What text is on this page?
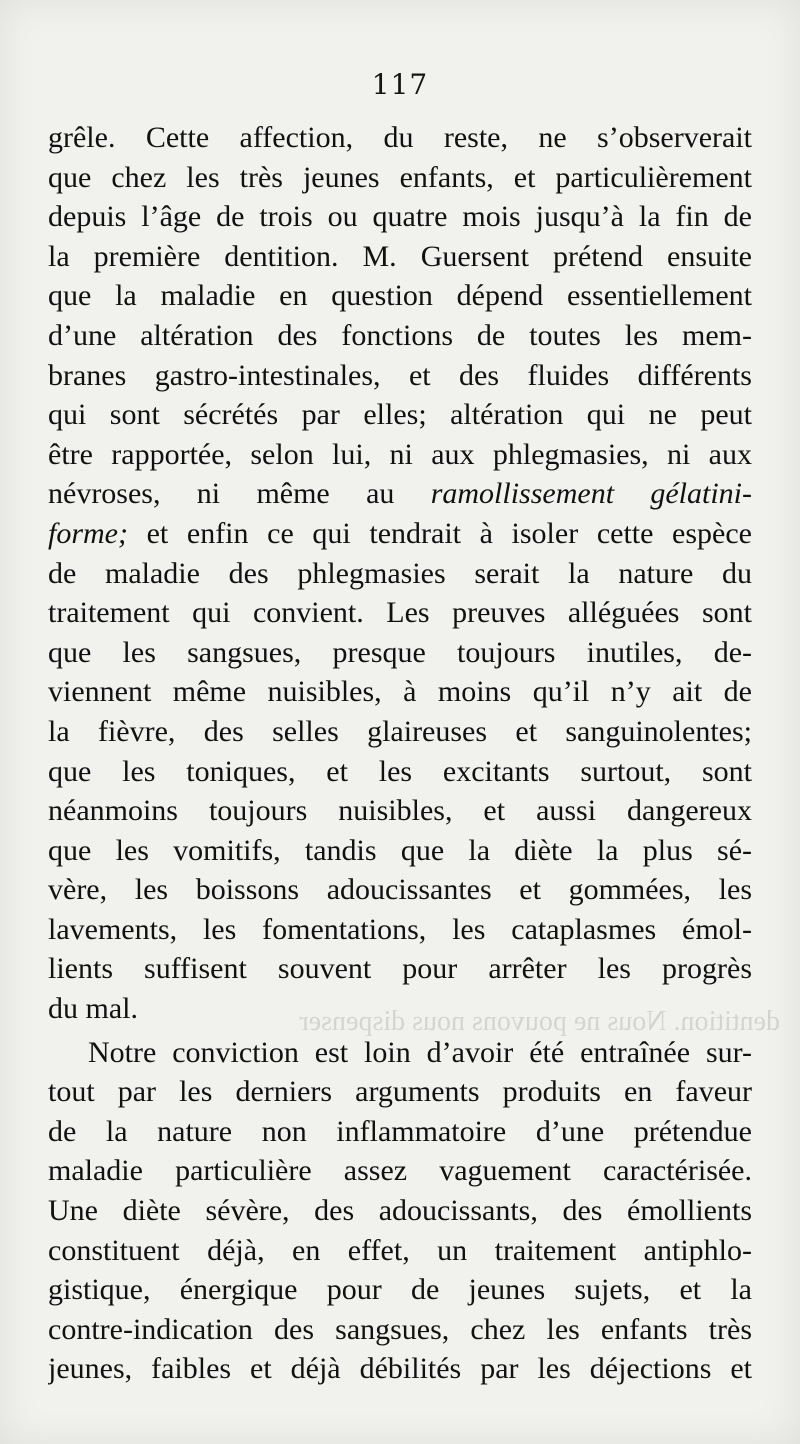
117
dentition. Nous ne pouvons nous dispenser
grêle. Cette affection, du reste, ne s’observerait
que chez les très jeunes enfants, et particulièrement
depuis l’âge de trois ou quatre mois jusqu’à la fin de
la première dentition. M. Guersent prétend ensuite
que la maladie en question dépend essentiellement
d’une altération des fonctions de toutes les mem-
branes gastro-intestinales, et des fluides différents
qui sont sécrétés par elles; altération qui ne peut
être rapportée, selon lui, ni aux phlegmasies, ni aux
névroses, ni même au ramollissement gélatini-
forme; et enfin ce qui tendrait à isoler cette espèce
de maladie des phlegmasies serait la nature du
traitement qui convient. Les preuves alléguées sont
que les sangsues, presque toujours inutiles, de-
viennent même nuisibles, à moins qu’il n’y ait de
la fièvre, des selles glaireuses et sanguinolentes;
que les toniques, et les excitants surtout, sont
néanmoins toujours nuisibles, et aussi dangereux
que les vomitifs, tandis que la diète la plus sé-
vère, les boissons adoucissantes et gommées, les
lavements, les fomentations, les cataplasmes émol-
lients suffisent souvent pour arrêter les progrès
du mal.
Notre conviction est loin d’avoir été entraînée sur-
tout par les derniers arguments produits en faveur
de la nature non inflammatoire d’une prétendue
maladie particulière assez vaguement caractérisée.
Une diète sévère, des adoucissants, des émollients
constituent déjà, en effet, un traitement antiphlo-
gistique, énergique pour de jeunes sujets, et la
contre-indication des sangsues, chez les enfants très
jeunes, faibles et déjà débilités par les déjections et
